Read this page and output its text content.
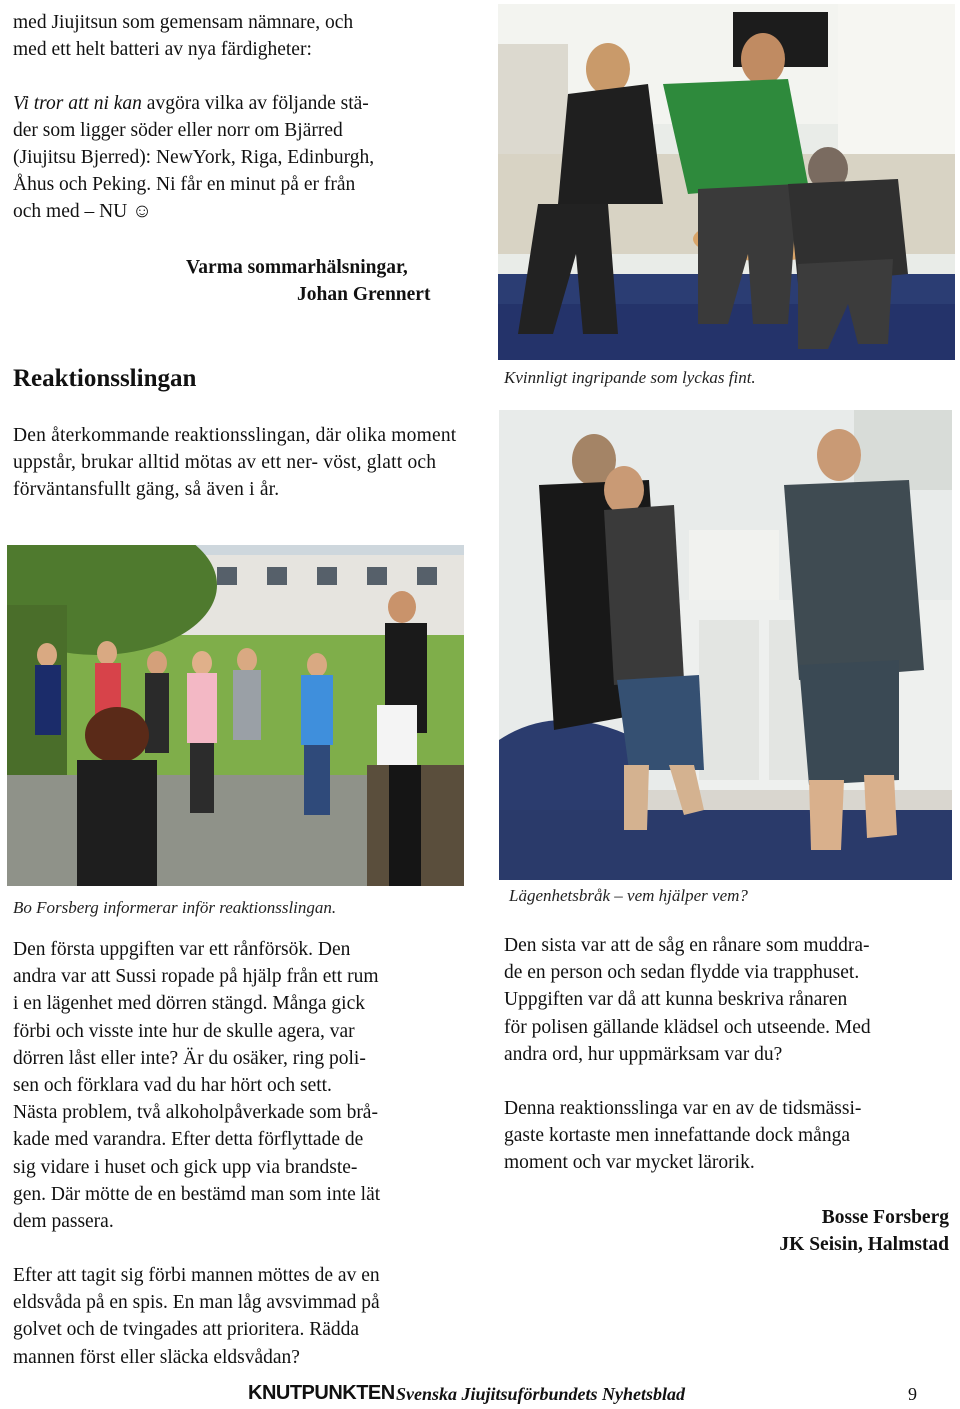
med Jiujitsun som gemensam nämnare, och
med ett helt batteri av nya färdigheter:
Vi tror att ni kan avgöra vilka av följande stä-
der som ligger söder eller norr om Bjärred
(Jiujitsu Bjerred): NewYork, Riga, Edinburgh,
Åhus och Peking. Ni får en minut på er från
och med – NU ☺
Varma sommarhälsningar,
Johan Grennert
Kvinnligt ingripande som lyckas fint.
Reaktionsslingan
Den återkommande reaktionsslingan, där olika moment uppstår, brukar alltid mötas av ett ner- vöst, glatt och förväntansfullt gäng, så även i år.
Bo Forsberg informerar inför reaktionsslingan.
Lägenhetsbråk – vem hjälper vem?
Den första uppgiften var ett rånförsök. Den
andra var att Sussi ropade på hjälp från ett rum
i en lägenhet med dörren stängd. Många gick
förbi och visste inte hur de skulle agera, var
dörren låst eller inte? Är du osäker, ring poli-
sen och förklara vad du har hört och sett.
Nästa problem, två alkoholpåverkade som brå-
kade med varandra. Efter detta förflyttade de
sig vidare i huset och gick upp via brandste-
gen. Där mötte de en bestämd man som inte lät
dem passera.
Efter att tagit sig förbi mannen möttes de av en
eldsvåda på en spis. En man låg avsvimmad på
golvet och de tvingades att prioritera. Rädda
mannen först eller släcka eldsvådan?
Den sista var att de såg en rånare som muddra-
de en person och sedan flydde via trapphuset.
Uppgiften var då att kunna beskriva rånaren
för polisen gällande klädsel och utseende. Med
andra ord, hur uppmärksam var du?
Denna reaktionsslinga var en av de tidsmässi-
gaste kortaste men innefattande dock många
moment och var mycket lärorik.
Bosse Forsberg
JK Seisin, Halmstad
KNUTPUNKTEN Svenska Jiujitsuförbundets Nyhetsblad	9
